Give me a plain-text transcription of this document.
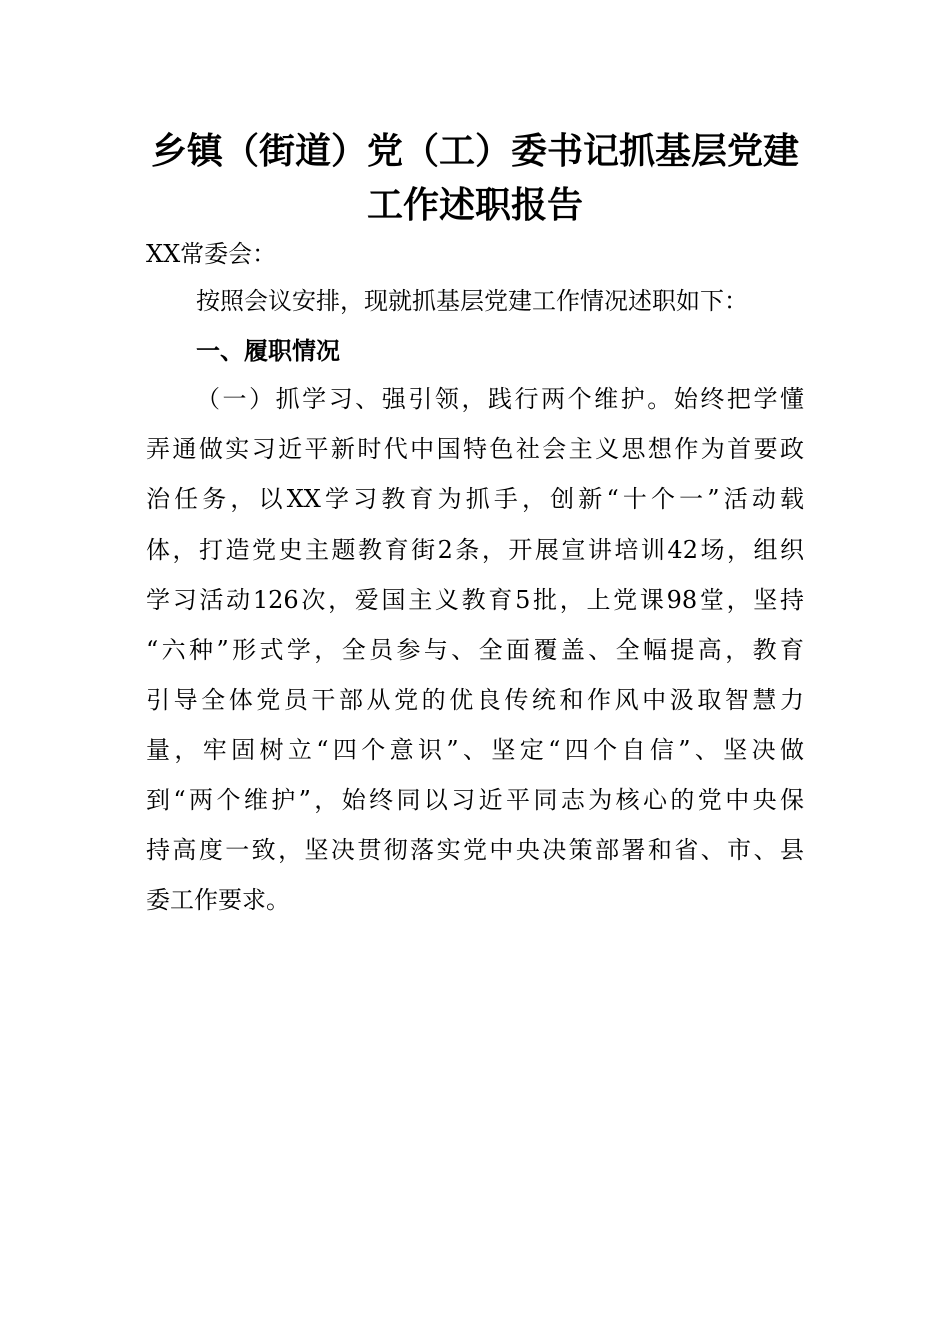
乡镇（街道）党（工）委书记抓基层党建
工作述职报告
XX常委会：
按照会议安排，现就抓基层党建工作情况述职如下：
一、履职情况
（一）抓学习、强引领，践行两个维护。始终把学懂
弄通做实习近平新时代中国特色社会主义思想作为首要政
治任务，以XX学习教育为抓手，创新“十个一”活动载
体，打造党史主题教育街2条，开展宣讲培训42场，组织
学习活动126次，爱国主义教育5批，上党课98堂，坚持
“六种”形式学，全员参与、全面覆盖、全幅提高，教育
引导全体党员干部从党的优良传统和作风中汲取智慧力
量，牢固树立“四个意识”、坚定“四个自信”、坚决做
到“两个维护”，始终同以习近平同志为核心的党中央保
持高度一致，坚决贯彻落实党中央决策部署和省、市、县
委工作要求。
